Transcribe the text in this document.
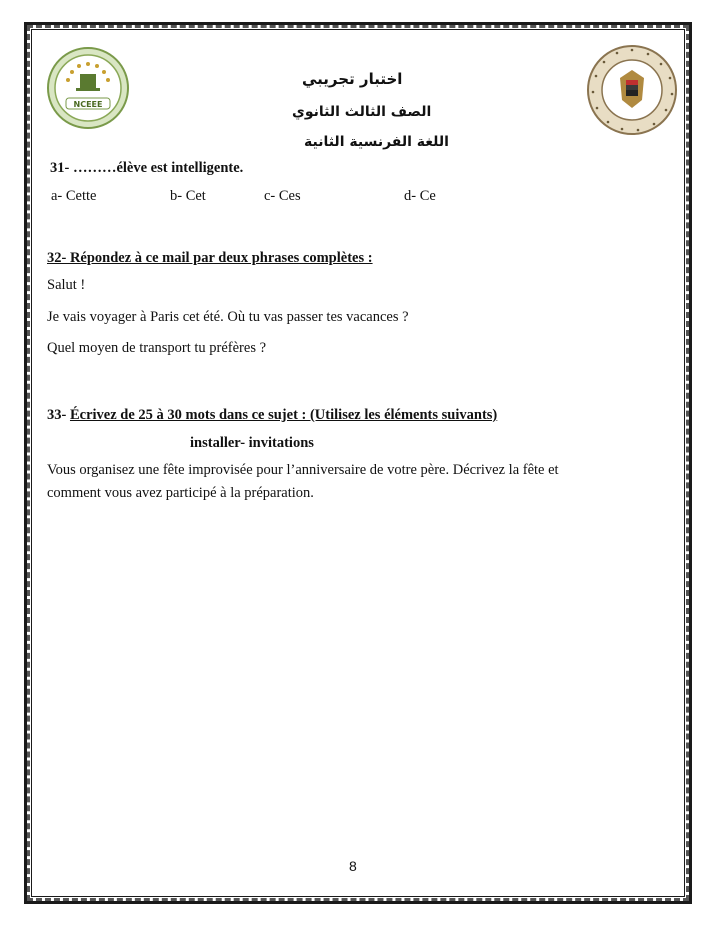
NCEEE
اختبار تجريبي
الصف الثالث الثانوي
اللغة الفرنسية الثانية
31- ………élève est intelligente.
a- Cette	b- Cet	c- Ces	d- Ce
32- Répondez à ce mail par deux phrases complètes :
Salut !
Je vais voyager à Paris cet été. Où tu vas passer tes vacances ?
Quel moyen de transport tu préfères ?
33- Écrivez de 25 à 30 mots dans ce sujet : (Utilisez les éléments suivants)
installer- invitations
Vous organisez une fête improvisée pour l’anniversaire de votre père. Décrivez la fête et
comment vous avez participé à la préparation.
8
